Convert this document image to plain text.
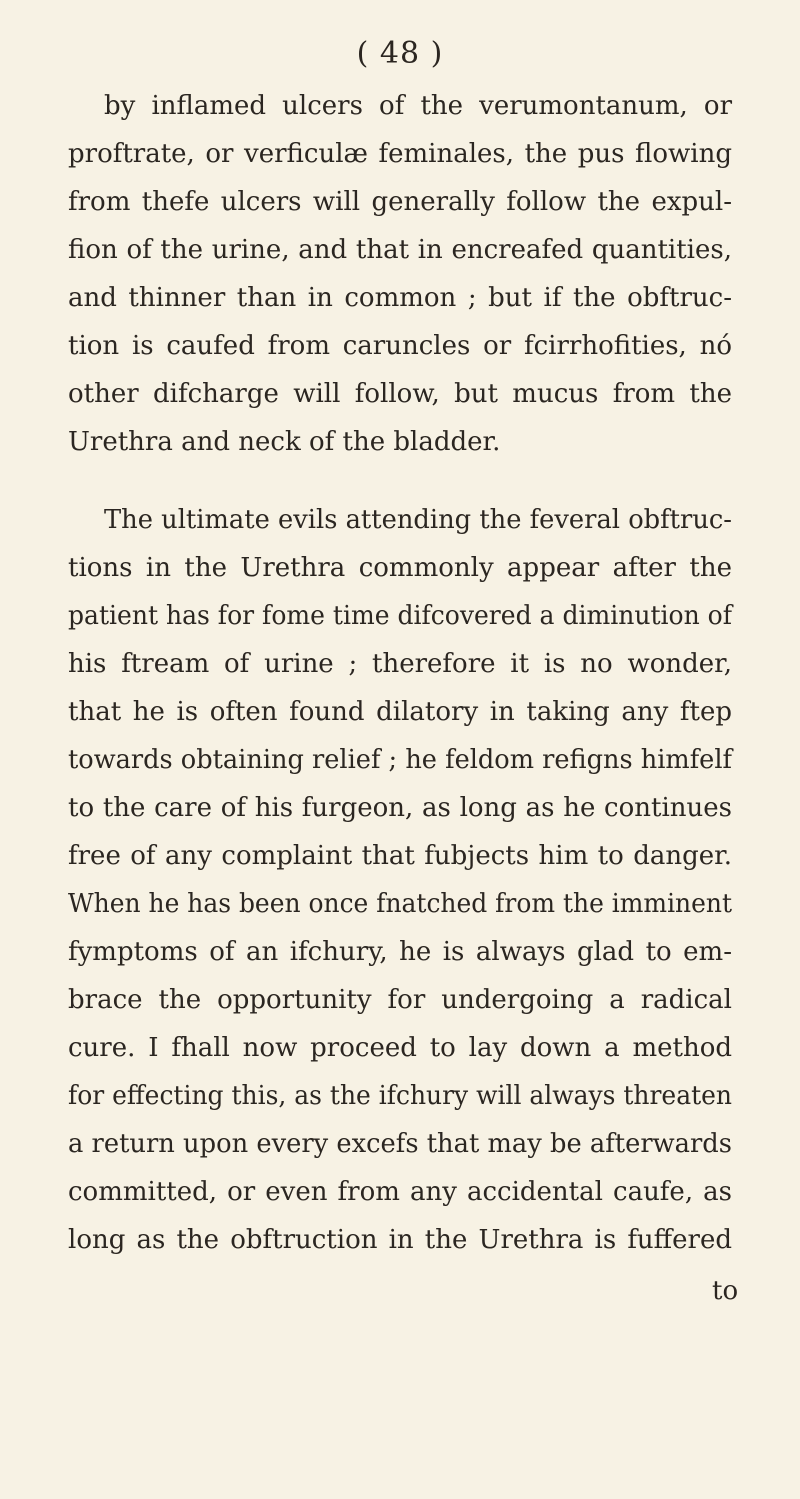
( 48 )
by inflamed ulcers of the verumontanum, or
proftrate, or verficulæ feminales, the pus flowing
from thefe ulcers will generally follow the expul-
fion of the urine, and that in encreafed quantities,
and thinner than in common ; but if the obftruc-
tion is caufed from caruncles or fcirrhofities, nó
other difcharge will follow, but mucus from the
Urethra and neck of the bladder.
The ultimate evils attending the feveral obftruc-
tions in the Urethra commonly appear after the
patient has for fome time difcovered a diminution of
his ftream of urine ; therefore it is no wonder,
that he is often found dilatory in taking any ftep
towards obtaining relief ; he feldom refigns himfelf
to the care of his furgeon, as long as he continues
free of any complaint that fubjects him to danger.
When he has been once fnatched from the imminent
fymptoms of an ifchury, he is always glad to em-
brace the opportunity for undergoing a radical
cure. I fhall now proceed to lay down a method
for effecting this, as the ifchury will always threaten
a return upon every excefs that may be afterwards
committed, or even from any accidental caufe, as
long as the obftruction in the Urethra is fuffered
to
